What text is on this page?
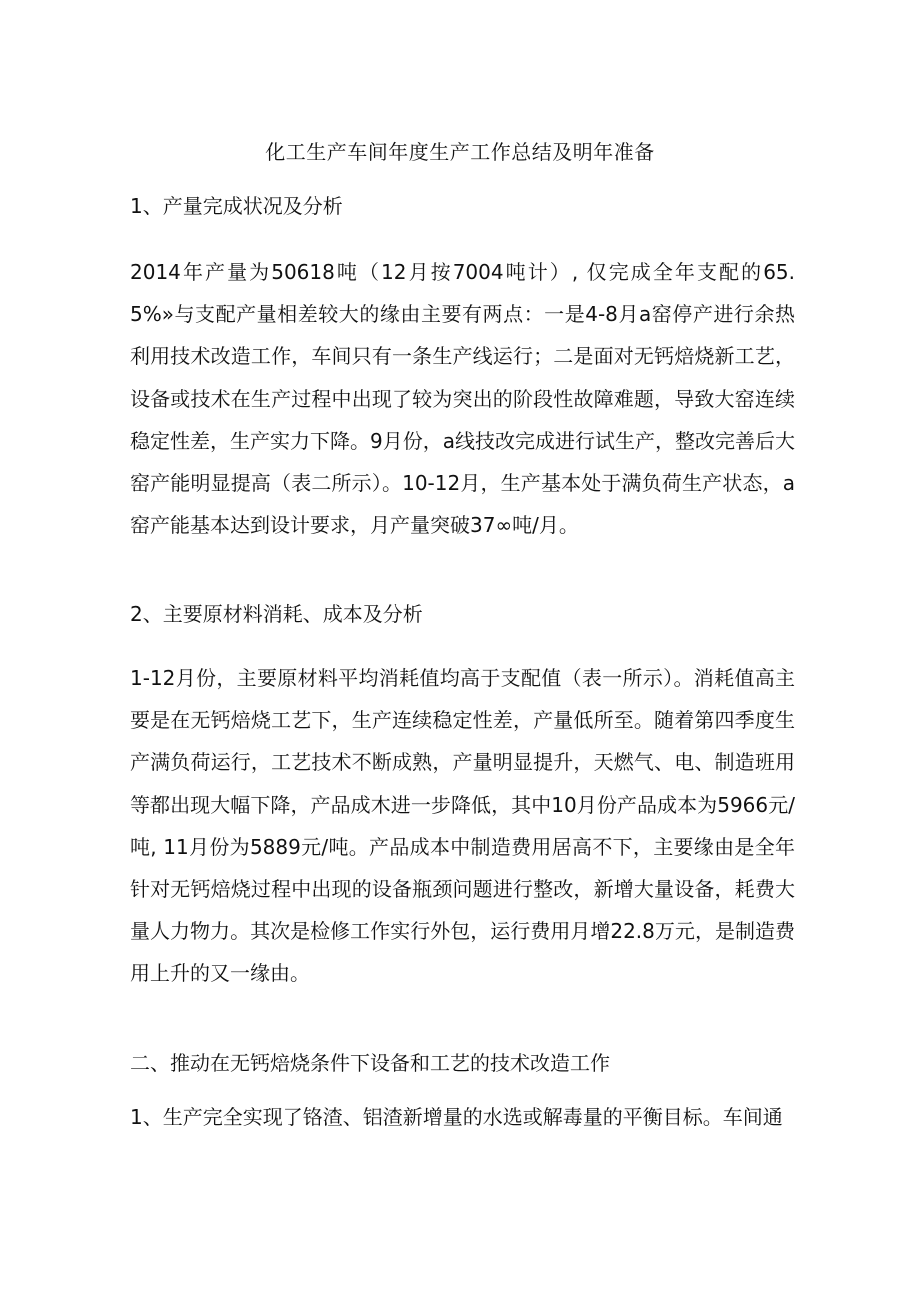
化工生产车间年度生产工作总结及明年准备
1、产量完成状况及分析
2014年产量为50618吨（12月按7004吨计）, 仅完成全年支配的65.5%»与支配产量相差较大的缘由主要有两点：一是4-8月a窑停产进行余热利用技术改造工作，车间只有一条生产线运行；二是面对无钙焙烧新工艺，设备或技术在生产过程中出现了较为突出的阶段性故障难题，导致大窑连续稳定性差，生产实力下降。9月份，a线技改完成进行试生产，整改完善后大窑产能明显提高（表二所示）。10-12月，生产基本处于满负荷生产状态，a窑产能基本达到设计要求，月产量突破37∞吨/月。
2、主要原材料消耗、成本及分析
1-12月份，主要原材料平均消耗值均高于支配值（表一所示）。消耗值高主要是在无钙焙烧工艺下，生产连续稳定性差，产量低所至。随着第四季度生产满负荷运行，工艺技术不断成熟，产量明显提升，天燃气、电、制造班用等都出现大幅下降，产品成木进一步降低，其中10月份产品成本为5966元/吨, 11月份为5889元/吨。产品成本中制造费用居高不下，主要缘由是全年针对无钙焙烧过程中出现的设备瓶颈问题进行整改，新增大量设备，耗费大量人力物力。其次是检修工作实行外包，运行费用月增22.8万元，是制造费用上升的又一缘由。
二、推动在无钙焙烧条件下设备和工艺的技术改造工作
1、生产完全实现了铬渣、铝渣新增量的水选或解毒量的平衡目标。车间通
